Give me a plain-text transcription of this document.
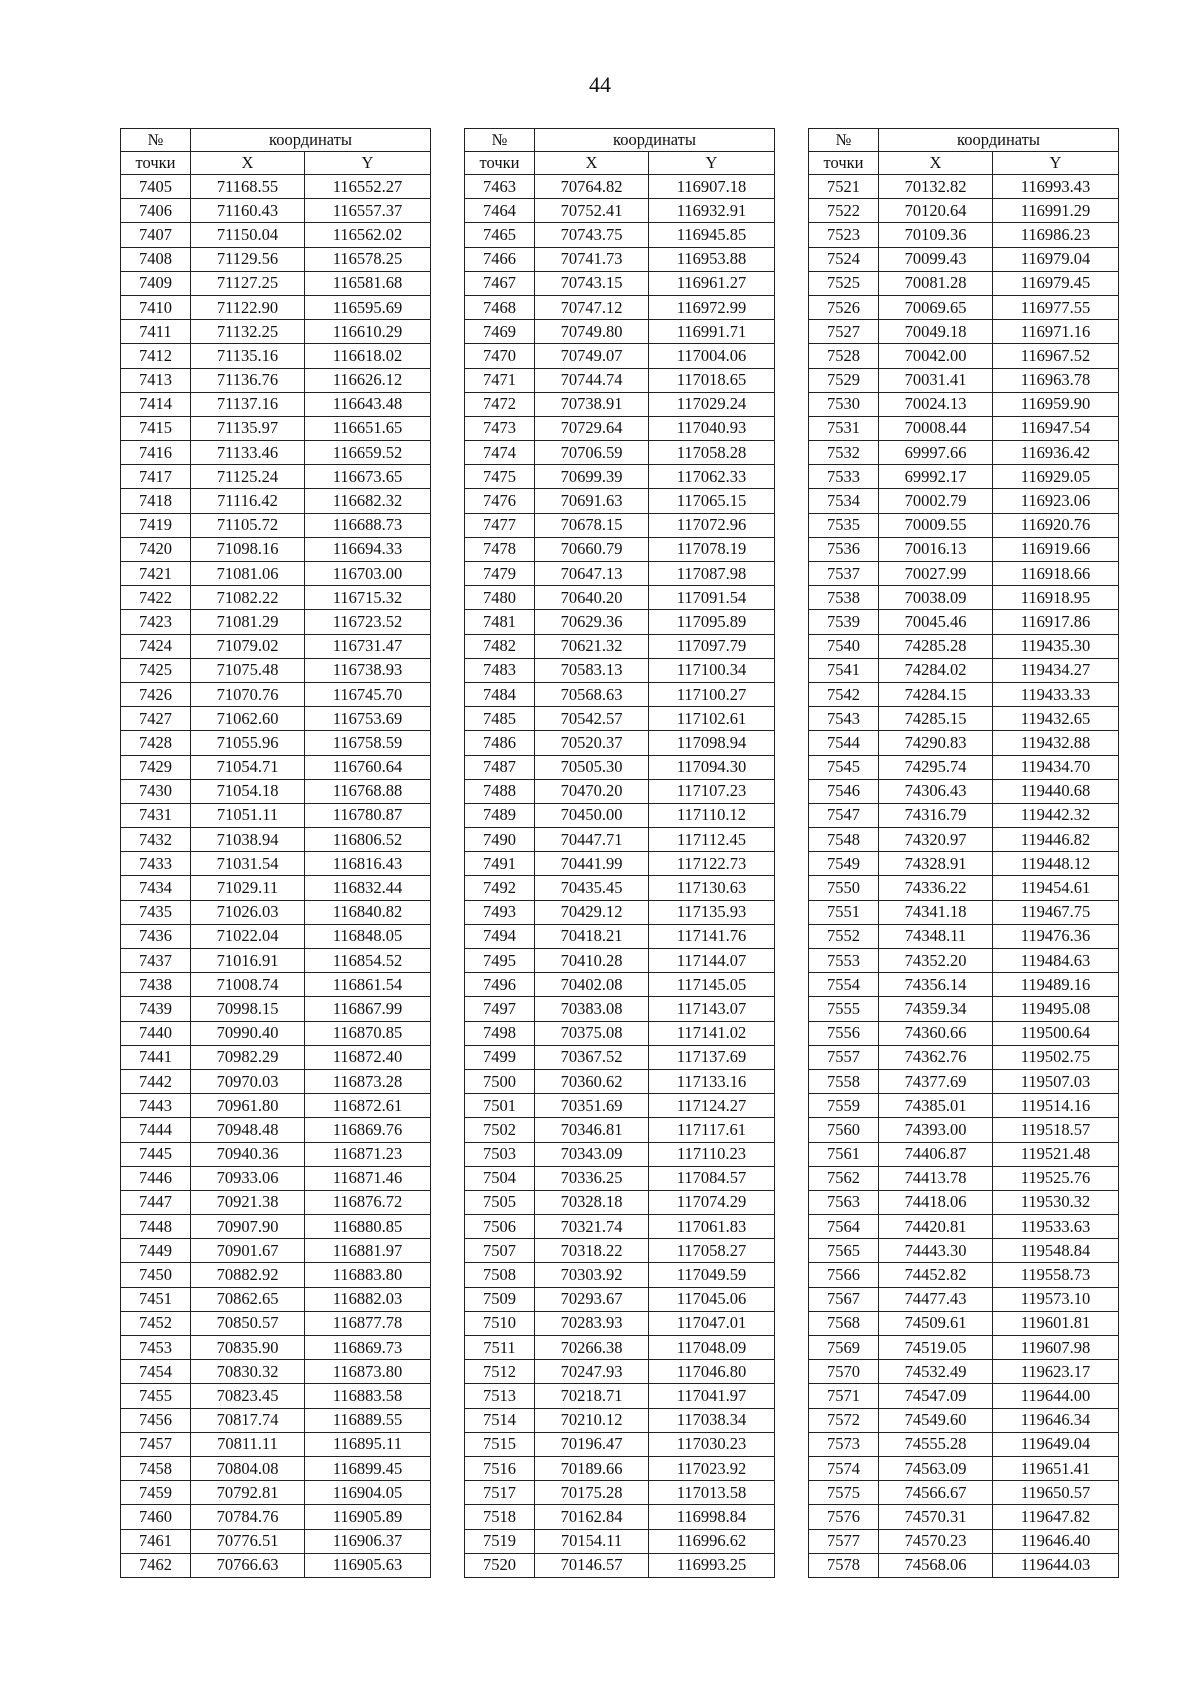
44
№	координаты	
точки	X	Y
7405	71168.55	116552.27
7406	71160.43	116557.37
7407	71150.04	116562.02
7408	71129.56	116578.25
7409	71127.25	116581.68
7410	71122.90	116595.69
7411	71132.25	116610.29
7412	71135.16	116618.02
7413	71136.76	116626.12
7414	71137.16	116643.48
7415	71135.97	116651.65
7416	71133.46	116659.52
7417	71125.24	116673.65
7418	71116.42	116682.32
7419	71105.72	116688.73
7420	71098.16	116694.33
7421	71081.06	116703.00
7422	71082.22	116715.32
7423	71081.29	116723.52
7424	71079.02	116731.47
7425	71075.48	116738.93
7426	71070.76	116745.70
7427	71062.60	116753.69
7428	71055.96	116758.59
7429	71054.71	116760.64
7430	71054.18	116768.88
7431	71051.11	116780.87
7432	71038.94	116806.52
7433	71031.54	116816.43
7434	71029.11	116832.44
7435	71026.03	116840.82
7436	71022.04	116848.05
7437	71016.91	116854.52
7438	71008.74	116861.54
7439	70998.15	116867.99
7440	70990.40	116870.85
7441	70982.29	116872.40
7442	70970.03	116873.28
7443	70961.80	116872.61
7444	70948.48	116869.76
7445	70940.36	116871.23
7446	70933.06	116871.46
7447	70921.38	116876.72
7448	70907.90	116880.85
7449	70901.67	116881.97
7450	70882.92	116883.80
7451	70862.65	116882.03
7452	70850.57	116877.78
7453	70835.90	116869.73
7454	70830.32	116873.80
7455	70823.45	116883.58
7456	70817.74	116889.55
7457	70811.11	116895.11
7458	70804.08	116899.45
7459	70792.81	116904.05
7460	70784.76	116905.89
7461	70776.51	116906.37
7462	70766.63	116905.63
№	координаты	
точки	X	Y
7463	70764.82	116907.18
7464	70752.41	116932.91
7465	70743.75	116945.85
7466	70741.73	116953.88
7467	70743.15	116961.27
7468	70747.12	116972.99
7469	70749.80	116991.71
7470	70749.07	117004.06
7471	70744.74	117018.65
7472	70738.91	117029.24
7473	70729.64	117040.93
7474	70706.59	117058.28
7475	70699.39	117062.33
7476	70691.63	117065.15
7477	70678.15	117072.96
7478	70660.79	117078.19
7479	70647.13	117087.98
7480	70640.20	117091.54
7481	70629.36	117095.89
7482	70621.32	117097.79
7483	70583.13	117100.34
7484	70568.63	117100.27
7485	70542.57	117102.61
7486	70520.37	117098.94
7487	70505.30	117094.30
7488	70470.20	117107.23
7489	70450.00	117110.12
7490	70447.71	117112.45
7491	70441.99	117122.73
7492	70435.45	117130.63
7493	70429.12	117135.93
7494	70418.21	117141.76
7495	70410.28	117144.07
7496	70402.08	117145.05
7497	70383.08	117143.07
7498	70375.08	117141.02
7499	70367.52	117137.69
7500	70360.62	117133.16
7501	70351.69	117124.27
7502	70346.81	117117.61
7503	70343.09	117110.23
7504	70336.25	117084.57
7505	70328.18	117074.29
7506	70321.74	117061.83
7507	70318.22	117058.27
7508	70303.92	117049.59
7509	70293.67	117045.06
7510	70283.93	117047.01
7511	70266.38	117048.09
7512	70247.93	117046.80
7513	70218.71	117041.97
7514	70210.12	117038.34
7515	70196.47	117030.23
7516	70189.66	117023.92
7517	70175.28	117013.58
7518	70162.84	116998.84
7519	70154.11	116996.62
7520	70146.57	116993.25
№	координаты	
точки	X	Y
7521	70132.82	116993.43
7522	70120.64	116991.29
7523	70109.36	116986.23
7524	70099.43	116979.04
7525	70081.28	116979.45
7526	70069.65	116977.55
7527	70049.18	116971.16
7528	70042.00	116967.52
7529	70031.41	116963.78
7530	70024.13	116959.90
7531	70008.44	116947.54
7532	69997.66	116936.42
7533	69992.17	116929.05
7534	70002.79	116923.06
7535	70009.55	116920.76
7536	70016.13	116919.66
7537	70027.99	116918.66
7538	70038.09	116918.95
7539	70045.46	116917.86
7540	74285.28	119435.30
7541	74284.02	119434.27
7542	74284.15	119433.33
7543	74285.15	119432.65
7544	74290.83	119432.88
7545	74295.74	119434.70
7546	74306.43	119440.68
7547	74316.79	119442.32
7548	74320.97	119446.82
7549	74328.91	119448.12
7550	74336.22	119454.61
7551	74341.18	119467.75
7552	74348.11	119476.36
7553	74352.20	119484.63
7554	74356.14	119489.16
7555	74359.34	119495.08
7556	74360.66	119500.64
7557	74362.76	119502.75
7558	74377.69	119507.03
7559	74385.01	119514.16
7560	74393.00	119518.57
7561	74406.87	119521.48
7562	74413.78	119525.76
7563	74418.06	119530.32
7564	74420.81	119533.63
7565	74443.30	119548.84
7566	74452.82	119558.73
7567	74477.43	119573.10
7568	74509.61	119601.81
7569	74519.05	119607.98
7570	74532.49	119623.17
7571	74547.09	119644.00
7572	74549.60	119646.34
7573	74555.28	119649.04
7574	74563.09	119651.41
7575	74566.67	119650.57
7576	74570.31	119647.82
7577	74570.23	119646.40
7578	74568.06	119644.03
